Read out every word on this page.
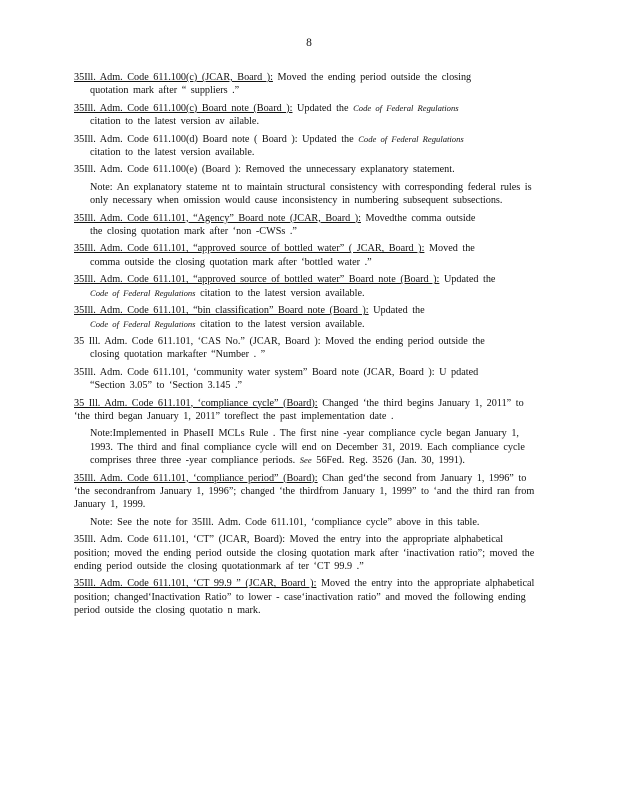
8
35Ill. Adm. Code 611.100(c) (JCAR, Board ): Moved the ending period outside the closing
quotation mark after “ suppliers .”
35Ill. Adm. Code 611.100(c) Board note (Board ): Updated the Code of Federal Regulations
citation to the latest version av ailable.
35Ill. Adm. Code 611.100(d) Board note ( Board ): Updated the Code of Federal Regulations
citation to the latest version available.
35Ill. Adm. Code 611.100(e) (Board ): Removed the unnecessary explanatory statement.
Note: An explanatory stateme nt to maintain structural consistency with corresponding federal rules is only necessary when omission would cause inconsistency in numbering subsequent subsections.
35Ill. Adm. Code 611.101, “Agency” Board note (JCAR, Board ): Movedthe comma outside
the closing quotation mark after ‘non -CWSs .”
35Ill. Adm. Code 611.101, “approved source of bottled water” ( JCAR, Board ): Moved the
comma outside the closing quotation mark after ‘bottled water .”
35Ill. Adm. Code 611.101, “approved source of bottled water” Board note (Board ): Updated the
Code of Federal Regulations citation to the latest version available.
35Ill. Adm. Code 611.101, “bin classification” Board note (Board ): Updated the
Code of Federal Regulations citation to the latest version available.
35 Ill. Adm. Code 611.101, ‘CAS No.” (JCAR, Board ): Moved the ending period outside the
closing quotation markafter “Number . ”
35Ill. Adm. Code 611.101, ‘community water system” Board note (JCAR, Board ): U pdated
“Section 3.05” to ‘Section 3.145 .”
35 Ill. Adm. Code 611.101, ‘compliance cycle” (Board): Changed ‘the third begins January 1, 2011” to ‘the third began January 1, 2011” toreflect the past implementation date .
Note:Implemented in PhaseII MCLs Rule . The first nine -year compliance cycle began January 1, 1993. The third and final compliance cycle will end on December 31, 2019. Each compliance cycle comprises three three -year compliance periods. See 56Fed. Reg. 3526 (Jan. 30, 1991).
35Ill. Adm. Code 611.101, ‘compliance period” (Board): Chan ged‘the second from January 1, 1996” to ‘the secondranfrom January 1, 1996”; changed ‘the thirdfrom January 1, 1999” to ‘and the third ran from January 1, 1999.
Note: See the note for 35Ill. Adm. Code 611.101, ‘compliance cycle” above in this table.
35Ill. Adm. Code 611.101, ‘CT” (JCAR, Board): Moved the entry into the appropriate alphabetical position; moved the ending period outside the closing quotation mark after ‘inactivation ratio”; moved the ending period outside the closing quotationmark af ter ‘CT 99.9 .”
35Ill. Adm. Code 611.101, ‘CT 99.9 ” (JCAR, Board ): Moved the entry into the appropriate alphabetical position; changed‘Inactivation Ratio” to lower - case‘inactivation ratio” and moved the following ending period outside the closing quotatio n mark.
